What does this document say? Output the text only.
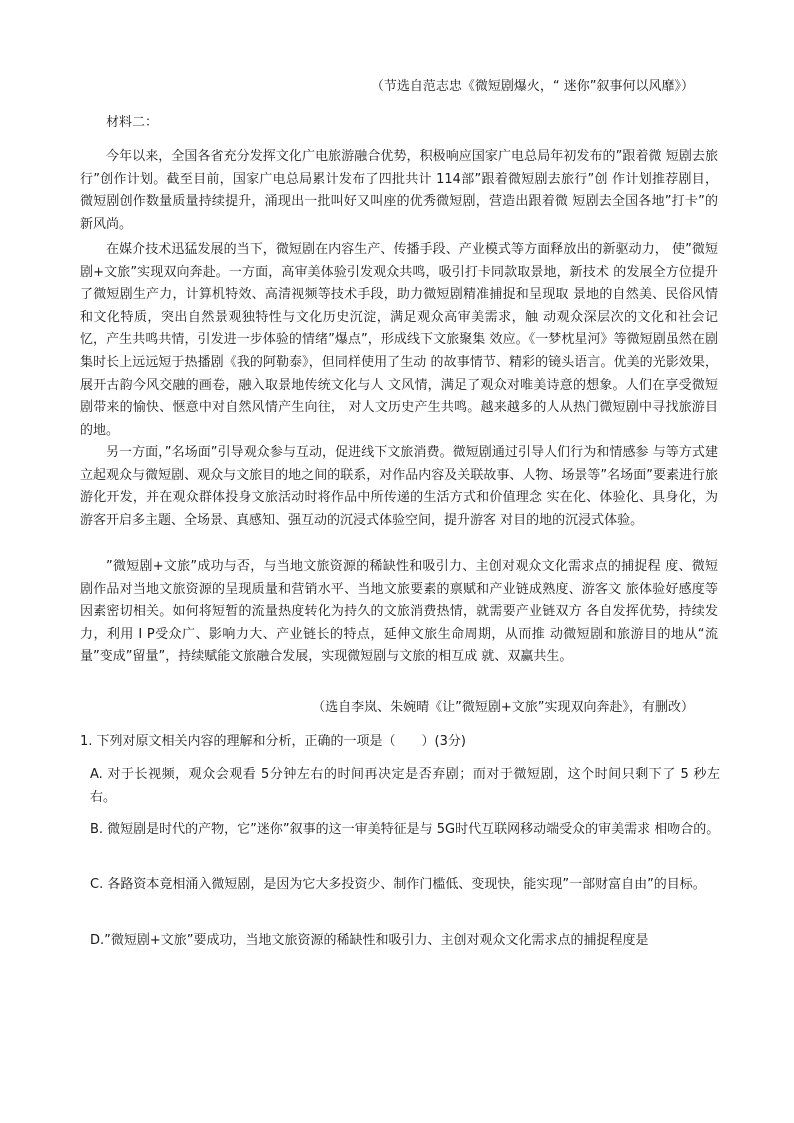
（节选自范志忠《微短剧爆火，“ 迷你”叙事何以风靡》）
材料二：

今年以来，全国各省充分发挥文化广电旅游融合优势，积极响应国家广电总局年初发布的”跟着微 短剧去旅行”创作计划。截至目前，国家广电总局累计发布了四批共计 114部”跟着微短剧去旅行”创 作计划推荐剧目，微短剧创作数量质量持续提升，涌现出一批叫好又叫座的优秀微短剧，营造出跟着微 短剧去全国各地”打卡”的新风尚。

在媒介技术迅猛发展的当下，微短剧在内容生产、传播手段、产业模式等方面释放出的新驱动力， 使”微短剧+文旅”实现双向奔赴。一方面，高审美体验引发观众共鸣，吸引打卡同款取景地，新技术 的发展全方位提升了微短剧生产力，计算机特效、高清视频等技术手段，助力微短剧精准捕捉和呈现取 景地的自然美、民俗风情和文化特质，突出自然景观独特性与文化历史沉淀，满足观众高审美需求，触 动观众深层次的文化和社会记忆，产生共鸣共情，引发进一步体验的情绪”爆点”，形成线下文旅聚集 效应。《一梦枕星河》等微短剧虽然在剧集时长上远远短于热播剧《我的阿勒泰》，但同样使用了生动 的故事情节、精彩的镜头语言。优美的光影效果，展开古韵今风交融的画卷，融入取景地传统文化与人 文风情，满足了观众对唯美诗意的想象。人们在享受微短剧带来的愉快、惬意中对自然风情产生向往， 对人文历史产生共鸣。越来越多的人从热门微短剧中寻找旅游目的地。

另一方面，”名场面”引导观众参与互动，促进线下文旅消费。微短剧通过引导人们行为和情感参 与等方式建立起观众与微短剧、观众与文旅目的地之间的联系，对作品内容及关联故事、人物、场景等”名场面”要素进行旅游化开发，并在观众群体投身文旅活动时将作品中所传递的生活方式和价值理念 实在化、体验化、具身化，为游客开启多主题、全场景、真感知、强互动的沉浸式体验空间，提升游客 对目的地的沉浸式体验。

”微短剧+文旅”成功与否，与当地文旅资源的稀缺性和吸引力、主创对观众文化需求点的捕捉程 度、微短剧作品对当地文旅资源的呈现质量和营销水平、当地文旅要素的禀赋和产业链成熟度、游客文 旅体验好感度等因素密切相关。如何将短暂的流量热度转化为持久的文旅消费热情，就需要产业链双方 各自发挥优势，持续发力，利用 I P受众广、影响力大、产业链长的特点，延伸文旅生命周期，从而推 动微短剧和旅游目的地从“流量”变成”留量”，持续赋能文旅融合发展，实现微短剧与文旅的相互成 就、双赢共生。

（选自李岚、朱婉晴《让”微短剧+文旅”实现双向奔赴》，有删改）
1. 下列对原文相关内容的理解和分析，正确的一项是（　　）(3分)

A. 对于长视频，观众会观看 5分钟左右的时间再决定是否弃剧；而对于微短剧，这个时间只剩下了 5 秒左右。

B. 微短剧是时代的产物，它”迷你”叙事的这一审美特征是与 5G时代互联网移动端受众的审美需求 相吻合的。

C. 各路资本竟相涌入微短剧，是因为它大多投资少、制作门槛低、变现快，能实现”一部财富自由”的目标。

D.”微短剧+文旅”要成功，当地文旅资源的稀缺性和吸引力、主创对观众文化需求点的捕捉程度是
